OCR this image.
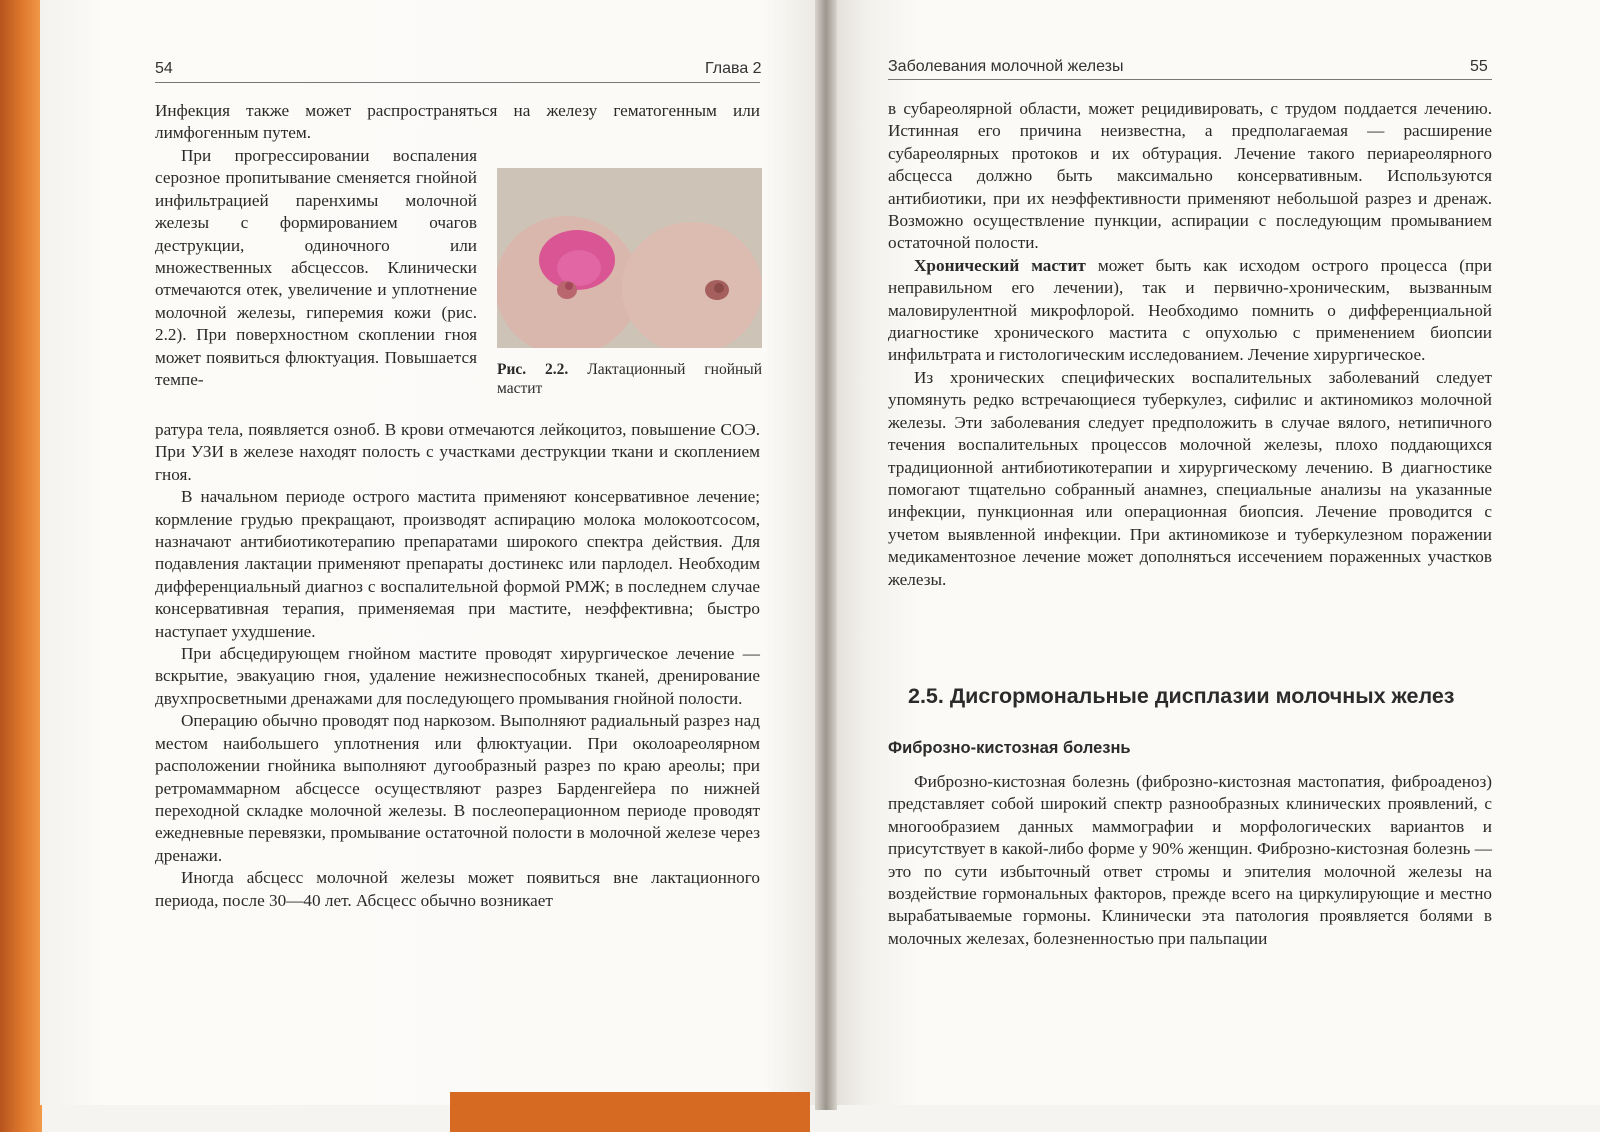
54	Глава 2

Инфекция также может распространяться на железу гематогенным или лимфогенным путем.

При прогрессировании воспаления серозное пропитывание сменяется гнойной инфильтрацией паренхимы молочной железы с формированием очагов деструкции, одиночного или множественных абсцессов. Клинически отмечаются отек, увеличение и уплотнение молочной железы, гиперемия кожи (рис. 2.2). При поверхностном скоплении гноя может появиться флюктуация. Повышается темпе-

ратура тела, появляется озноб. В крови отмечаются лейкоцитоз, повышение СОЭ. При УЗИ в железе находят полость с участками деструкции ткани и скоплением гноя.

В начальном периоде острого мастита применяют консервативное лечение; кормление грудью прекращают, производят аспирацию молока молокоотсосом, назначают антибиотикотерапию препаратами широкого спектра действия. Для подавления лактации применяют препараты достинекс или парлодел. Необходим дифференциальный диагноз с воспалительной формой РМЖ; в последнем случае консервативная терапия, применяемая при мастите, неэффективна; быстро наступает ухудшение.

При абсцедирующем гнойном мастите проводят хирургическое лечение — вскрытие, эвакуацию гноя, удаление нежизнеспособных тканей, дренирование двухпросветными дренажами для последующего промывания гнойной полости.

Операцию обычно проводят под наркозом. Выполняют радиальный разрез над местом наибольшего уплотнения или флюктуации. При околоареолярном расположении гнойника выполняют дугообразный разрез по краю ареолы; при ретромаммарном абсцессе осуществляют разрез Барденгейера по нижней переходной складке молочной железы. В послеоперационном периоде проводят ежедневные перевязки, промывание остаточной полости в молочной железе через дренажи.

Иногда абсцесс молочной железы может появиться вне лактационного периода, после 30—40 лет. Абсцесс обычно возникает

Рис. 2.2. Лактационный гнойный мастит
Заболевания молочной железы	55

в субареолярной области, может рецидивировать, с трудом поддается лечению. Истинная его причина неизвестна, а предполагаемая — расширение субареолярных протоков и их обтурация. Лечение такого периареолярного абсцесса должно быть максимально консервативным. Используются антибиотики, при их неэффективности применяют небольшой разрез и дренаж. Возможно осуществление пункции, аспирации с последующим промыванием остаточной полости.

Хронический мастит может быть как исходом острого процесса (при неправильном его лечении), так и первично-хроническим, вызванным маловирулентной микрофлорой. Необходимо помнить о дифференциальной диагностике хронического мастита с опухолью с применением биопсии инфильтрата и гистологическим исследованием. Лечение хирургическое.

Из хронических специфических воспалительных заболеваний следует упомянуть редко встречающиеся туберкулез, сифилис и актиномикоз молочной железы. Эти заболевания следует предположить в случае вялого, нетипичного течения воспалительных процессов молочной железы, плохо поддающихся традиционной антибиотикотерапии и хирургическому лечению. В диагностике помогают тщательно собранный анамнез, специальные анализы на указанные инфекции, пункционная или операционная биопсия. Лечение проводится с учетом выявленной инфекции. При актиномикозе и туберкулезном поражении медикаментозное лечение может дополняться иссечением пораженных участков железы.

2.5. Дисгормональные дисплазии молочных желез
Фиброзно-кистозная болезнь

Фиброзно-кистозная болезнь (фиброзно-кистозная мастопатия, фиброаденоз) представляет собой широкий спектр разнообразных клинических проявлений, с многообразием данных маммографии и морфологических вариантов и присутствует в какой-либо форме у 90% женщин. Фиброзно-кистозная болезнь — это по сути избыточный ответ стромы и эпителия молочной железы на воздействие гормональных факторов, прежде всего на циркулирующие и местно вырабатываемые гормоны. Клинически эта патология проявляется болями в молочных железах, болезненностью при пальпации
